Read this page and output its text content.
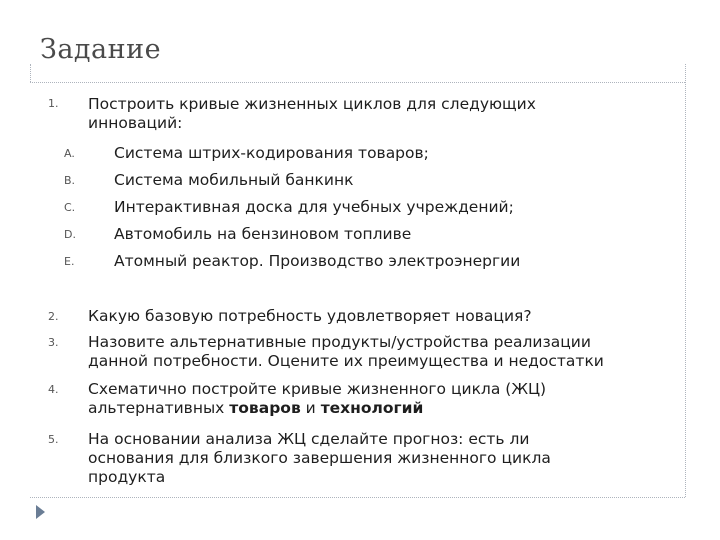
Задание
1. Построить кривые жизненных циклов для следующих
инноваций:
A.	Система штрих-кодирования товаров;
B.	Система мобильный банкинк
C.	Интерактивная доска для учебных учреждений;
D. Автомобиль на бензиновом топливе
E.	Атомный реактор. Производство электроэнергии
2. Какую базовую потребность удовлетворяет новация?
3. Назовите альтернативные продукты/устройства реализации
данной потребности. Оцените их преимущества и недостатки
4. Схематично постройте кривые жизненного цикла (ЖЦ)
альтернативных товаров и технологий
5. На основании анализа ЖЦ сделайте прогноз: есть ли
основания для близкого завершения жизненного цикла
продукта
